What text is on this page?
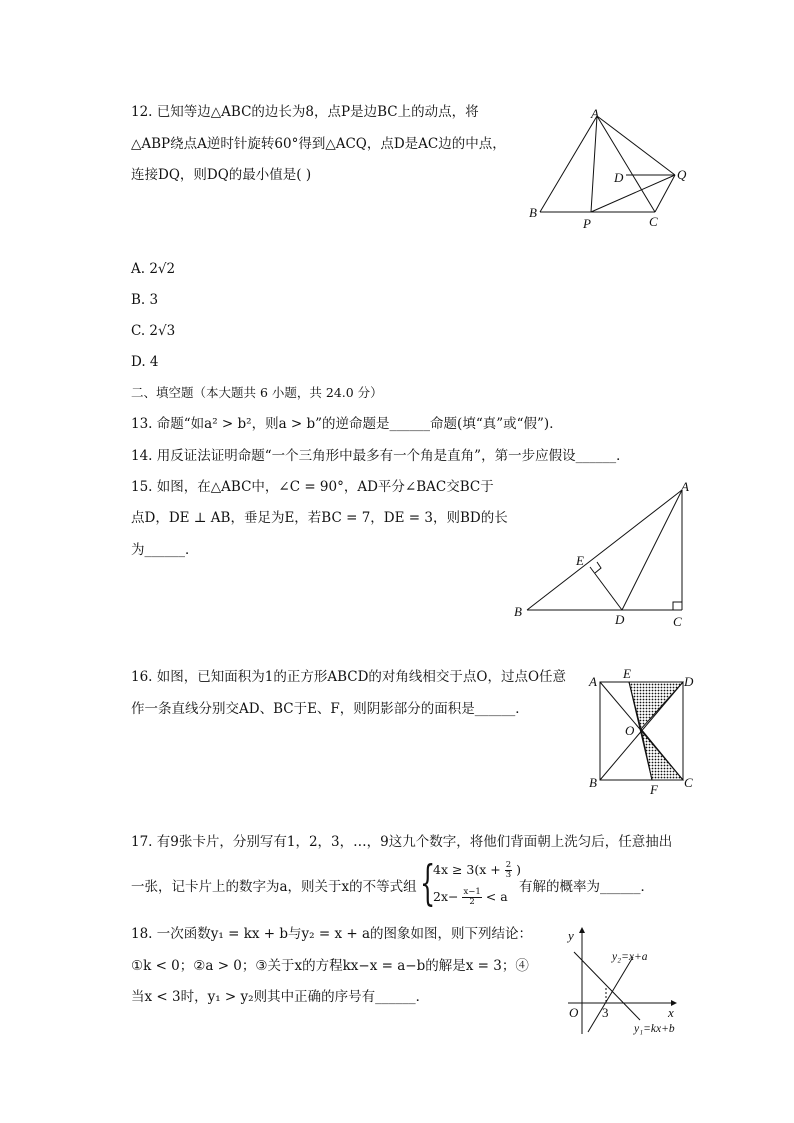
12. 已知等边△ABC的边长为8，点P是边BC上的动点，将
△ABP绕点A逆时针旋转60°得到△ACQ，点D是AC边的中点，
连接DQ，则DQ的最小值是( )
A
B
C
P
Q
D
A. 2√2
B. 3
C. 2√3
D. 4
二、填空题（本大题共 6 小题，共 24.0 分）
13. 命题“如a² > b²，则a > b”的逆命题是______命题(填“真”或“假”)．
14. 用反证法证明命题“一个三角形中最多有一个角是直角”，第一步应假设______．
15. 如图，在△ABC中，∠C = 90°，AD平分∠BAC交BC于
点D，DE ⊥ AB，垂足为E，若BC = 7，DE = 3，则BD的长
为______．
A
B
C
D
E
16. 如图，已知面积为1的正方形ABCD的对角线相交于点O，过点O任意
作一条直线分别交AD、BC于E、F，则阴影部分的面积是______．
A
E
D
O
B	F C
17. 有9张卡片，分别写有1，2，3，…，9这九个数字，将他们背面朝上洗匀后，任意抽出
一张，记卡片上的数字为a，则关于x的不等式组 {
$4x \ge 3(x + \frac{2}{3}$ )
$2x- \frac{x-1}{2} < a$
有解的概率为______．
18. 一次函数y₁ = kx + b与y₂ = x + a的图象如图，则下列结论：
①k < 0；②a > 0；③关于x的方程kx−x = a−b的解是x = 3；④
当x < 3时，y₁ > y₂则其中正确的序号有______．
y
x
O 3
y₂=x+a
y₁=kx+b
